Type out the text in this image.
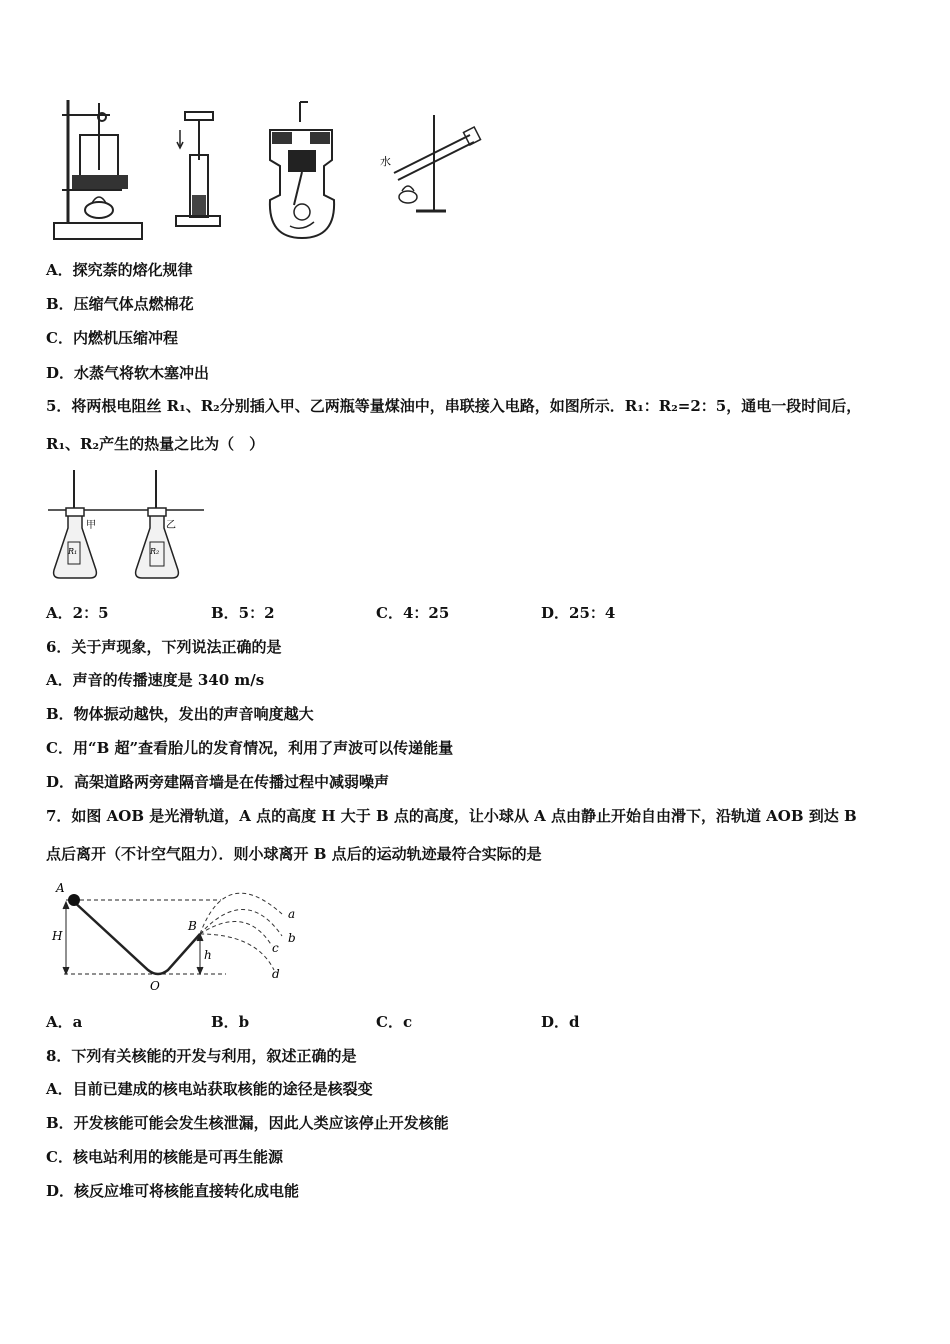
水
A．探究萘的熔化规律
B．压缩气体点燃棉花
C．内燃机压缩冲程
D．水蒸气将软木塞冲出
5．将两根电阻丝 R₁、R₂分别插入甲、乙两瓶等量煤油中，串联接入电路，如图所示．R₁：R₂=2：5，通电一段时间后，
R₁、R₂产生的热量之比为（　）
甲
R₁
乙
R₂
A．2：5	B．5：2	C．4：25	D．25：4
6．关于声现象，下列说法正确的是
A．声音的传播速度是 340 m/s
B．物体振动越快，发出的声音响度越大
C．用“B 超”查看胎儿的发育情况，利用了声波可以传递能量
D．高架道路两旁建隔音墙是在传播过程中减弱噪声
7．如图 AOB 是光滑轨道，A 点的高度 H 大于 B 点的高度，让小球从 A 点由静止开始自由滑下，沿轨道 AOB 到达 B
点后离开（不计空气阻力）．则小球离开 B 点后的运动轨迹最符合实际的是
A
H
O
B
h
a
b
c
d
A．a	B．b	C．c	D．d
8．下列有关核能的开发与利用，叙述正确的是
A．目前已建成的核电站获取核能的途径是核裂变
B．开发核能可能会发生核泄漏，因此人类应该停止开发核能
C．核电站利用的核能是可再生能源
D．核反应堆可将核能直接转化成电能
